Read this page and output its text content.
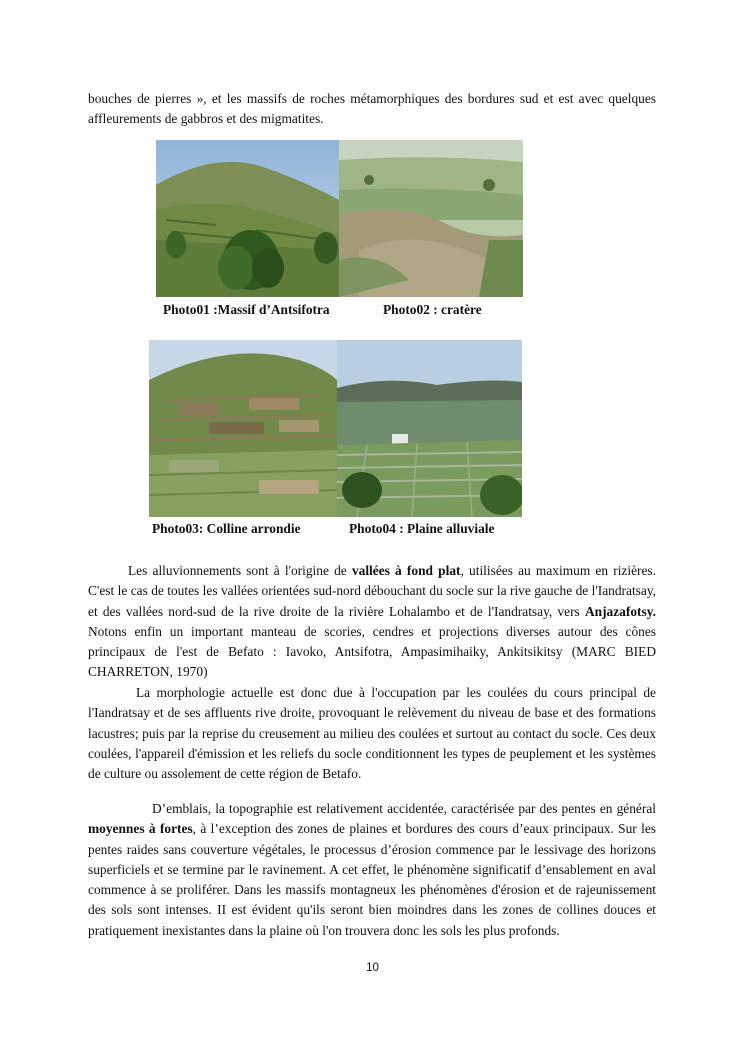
bouches de pierres », et les massifs de roches métamorphiques des bordures sud et est avec quelques affleurements de gabbros et des migmatites.

Photo01 :Massif d’Antsifotra	Photo02 : cratère
Photo03: Colline arrondie	Photo04 : Plaine alluviale

Les alluvionnements sont à l'origine de vallées à fond plat, utilisées au maximum en rizières. C'est le cas de toutes les vallées orientées sud-nord débouchant du socle sur la rive gauche de l'Iandratsay, et des vallées nord-sud de la rive droite de la rivière Lohalambo et de l'Iandratsay, vers Anjazafotsy. Notons enfin un important manteau de scories, cendres et projections diverses autour des cônes principaux de l'est de Befato : Iavoko, Antsifotra, Ampasimihaiky, Ankitsikitsy (MARC BIED CHARRETON, 1970)

La morphologie actuelle est donc due à l'occupation par les coulées du cours principal de l'Iandratsay et de ses affluents rive droite, provoquant le relèvement du niveau de base et des formations lacustres; puis par la reprise du creusement au milieu des coulées et surtout au contact du socle. Ces deux coulées, l'appareil d'émission et les reliefs du socle conditionnent les types de peuplement et les systèmes de culture ou assolement de cette région de Betafo.

D’emblais, la topographie est relativement accidentée, caractérisée par des pentes en général moyennes à fortes, à l’exception des zones de plaines et bordures des cours d’eaux principaux. Sur les pentes raides sans couverture végétales, le processus d’érosion commence par le lessivage des horizons superficiels et se termine par le ravinement. A cet effet, le phénomène significatif d’ensablement en aval commence à se proliférer. Dans les massifs montagneux les phénomènes d'érosion et de rajeunissement des sols sont intenses. II est évident qu'ils seront bien moindres dans les zones de collines douces et pratiquement inexistantes dans la plaine où l'on trouvera donc les sols les plus profonds.

10
